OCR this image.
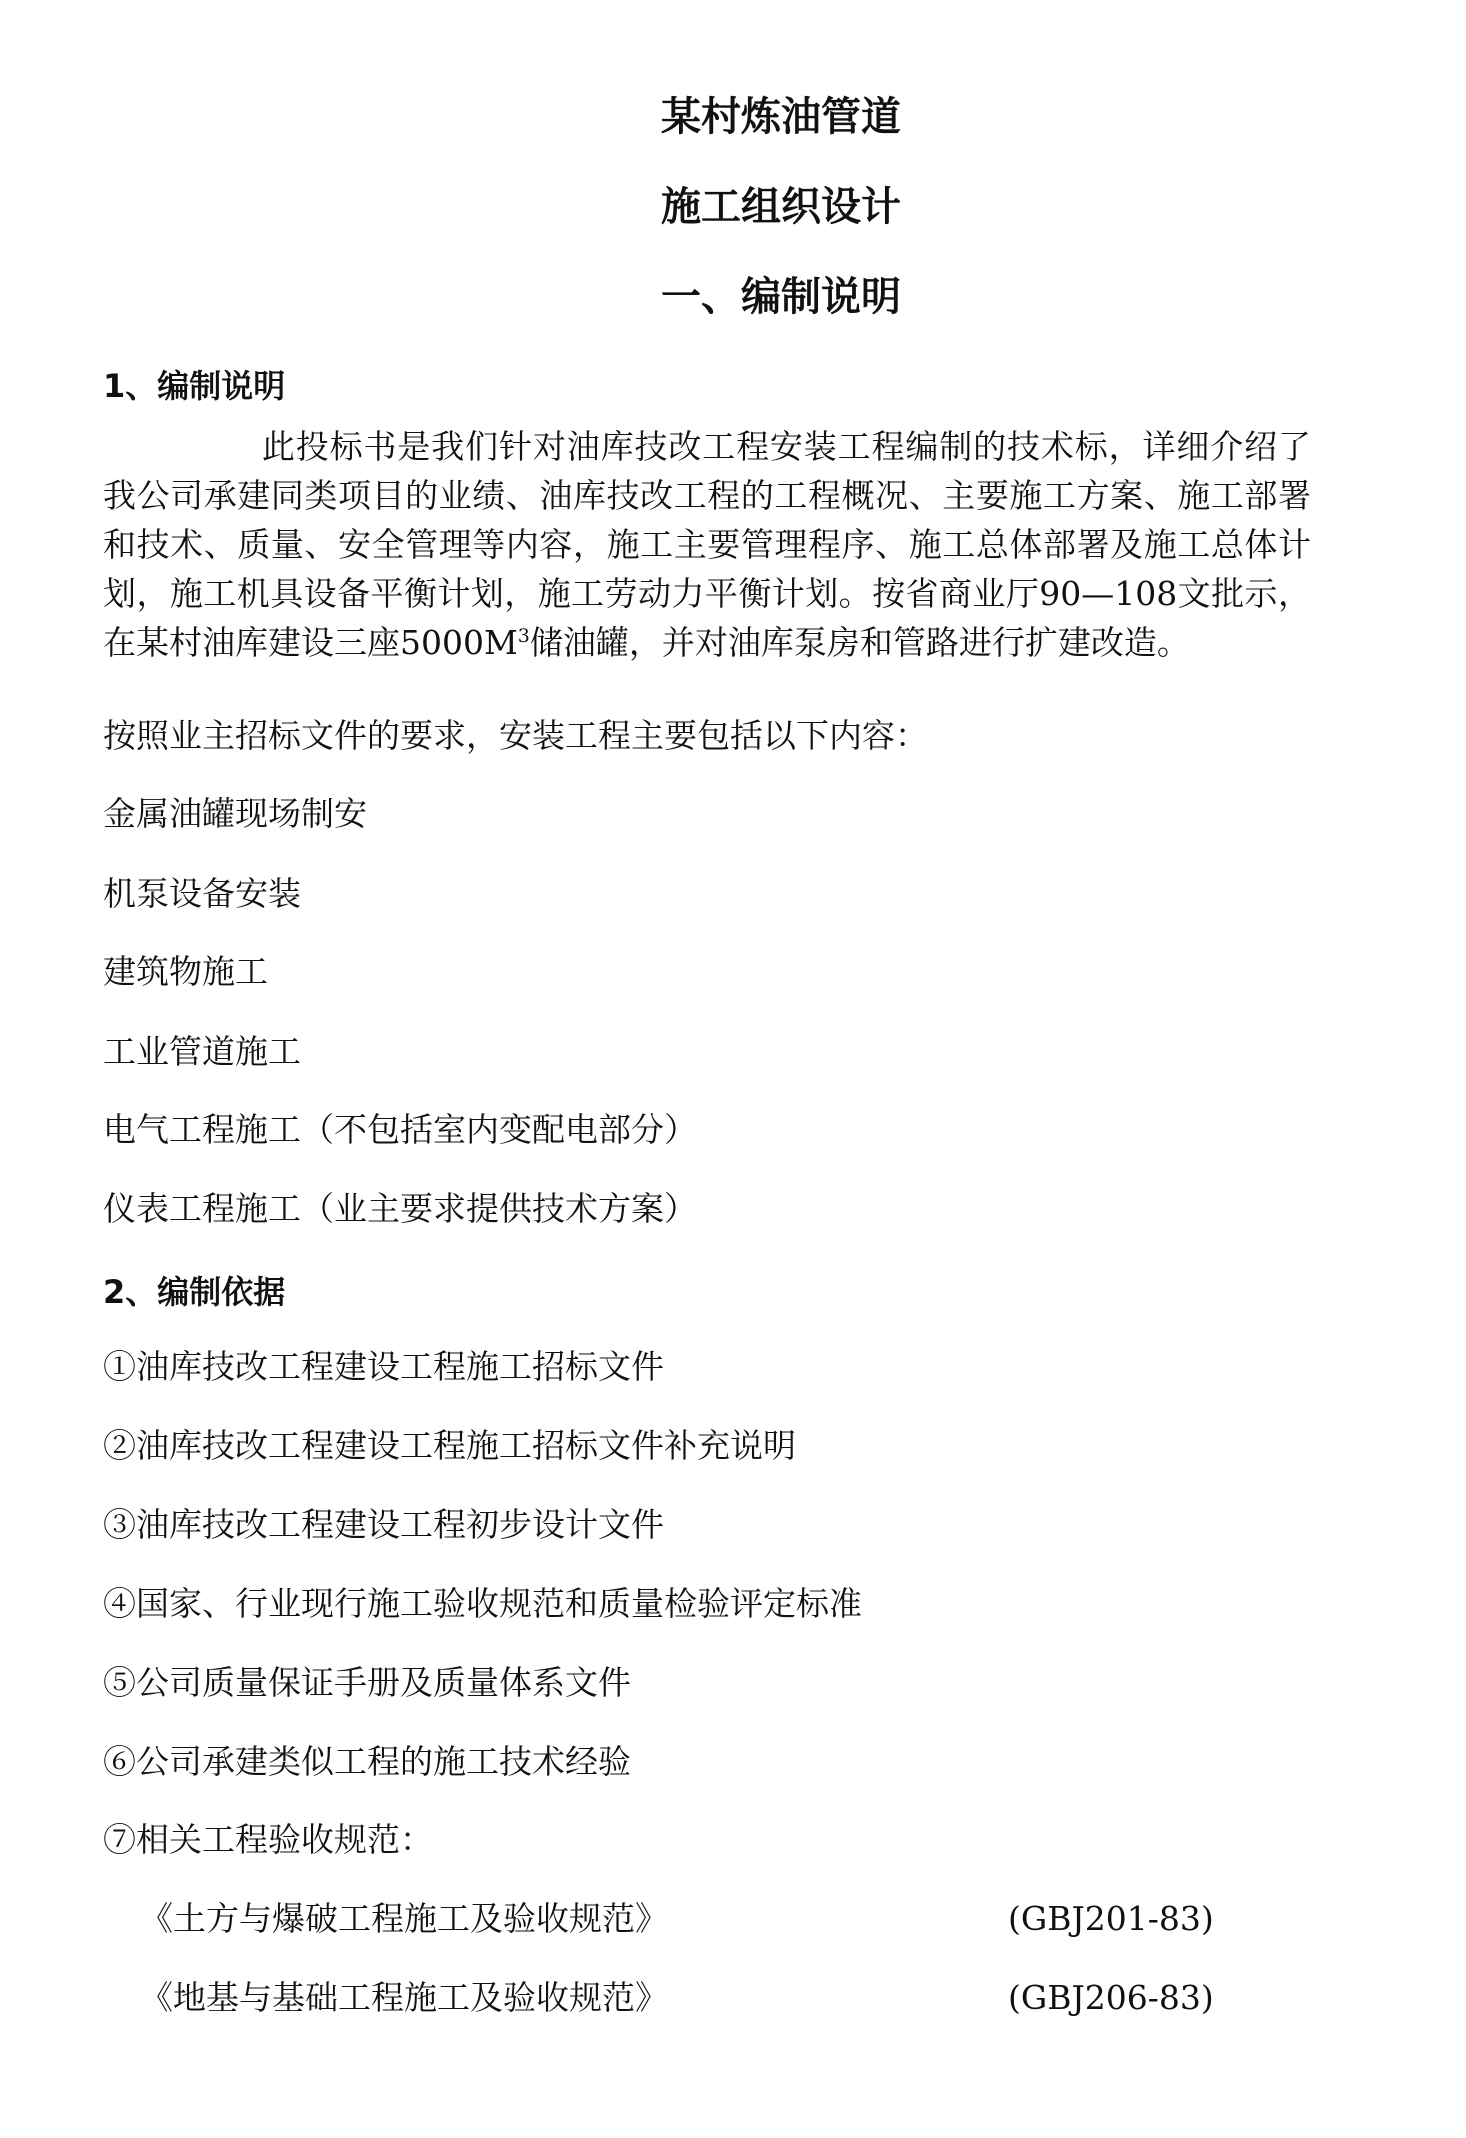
某村炼油管道
施工组织设计
一、编制说明
1、编制说明

此投标书是我们针对油库技改工程安装工程编制的技术标，详细介绍了我公司承建同类项目的业绩、油库技改工程的工程概况、主要施工方案、施工部署和技术、质量、安全管理等内容，施工主要管理程序、施工总体部署及施工总体计划，施工机具设备平衡计划，施工劳动力平衡计划。按省商业厅90—108文批示，在某村油库建设三座$5000M^3$储油罐，并对油库泵房和管路进行扩建改造。

按照业主招标文件的要求，安装工程主要包括以下内容：

金属油罐现场制安

机泵设备安装

建筑物施工

工业管道施工

电气工程施工（不包括室内变配电部分）

仪表工程施工（业主要求提供技术方案）

2、编制依据

①油库技改工程建设工程施工招标文件

②油库技改工程建设工程施工招标文件补充说明

③油库技改工程建设工程初步设计文件

④国家、行业现行施工验收规范和质量检验评定标准

⑤公司质量保证手册及质量体系文件

⑥公司承建类似工程的施工技术经验

⑦相关工程验收规范：

《土方与爆破工程施工及验收规范》	(GBJ201-83)
《地基与基础工程施工及验收规范》	(GBJ206-83)
